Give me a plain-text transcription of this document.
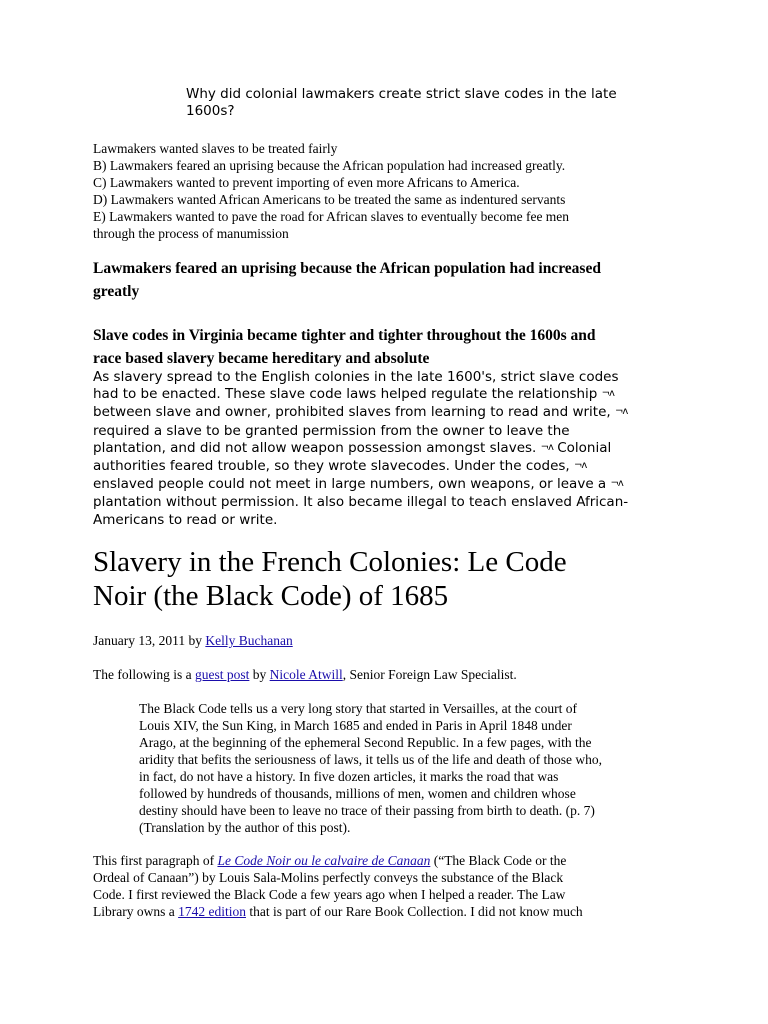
Why did colonial lawmakers create strict slave codes in the late
1600s?
Lawmakers wanted slaves to be treated fairly
B) Lawmakers feared an uprising because the African population had increased greatly.
C) Lawmakers wanted to prevent importing of even more Africans to America.
D) Lawmakers wanted African Americans to be treated the same as indentured servants
E) Lawmakers wanted to pave the road for African slaves to eventually become fee men
through the process of manumission
Lawmakers feared an uprising because the African population had increased
greatly
Slave codes in Virginia became tighter and tighter throughout the 1600s and
race based slavery became hereditary and absolute
As slavery spread to the English colonies in the late 1600's, strict slave codes
had to be enacted. These slave code laws helped regulate the relationship ¬ʌ
between slave and owner, prohibited slaves from learning to read and write, ¬ʌ
required a slave to be granted permission from the owner to leave the
plantation, and did not allow weapon possession amongst slaves. ¬ʌ Colonial
authorities feared trouble, so they wrote slavecodes. Under the codes, ¬ʌ
enslaved people could not meet in large numbers, own weapons, or leave a ¬ʌ
plantation without permission. It also became illegal to teach enslaved African-
Americans to read or write.
Slavery in the French Colonies: Le Code
Noir (the Black Code) of 1685
January 13, 2011 by Kelly Buchanan
The following is a guest post by Nicole Atwill, Senior Foreign Law Specialist.
The Black Code tells us a very long story that started in Versailles, at the court of
Louis XIV, the Sun King, in March 1685 and ended in Paris in April 1848 under
Arago, at the beginning of the ephemeral Second Republic. In a few pages, with the
aridity that befits the seriousness of laws, it tells us of the life and death of those who,
in fact, do not have a history. In five dozen articles, it marks the road that was
followed by hundreds of thousands, millions of men, women and children whose
destiny should have been to leave no trace of their passing from birth to death. (p. 7)
(Translation by the author of this post).
This first paragraph of Le Code Noir ou le calvaire de Canaan (“The Black Code or the
Ordeal of Canaan”) by Louis Sala-Molins perfectly conveys the substance of the Black
Code. I first reviewed the Black Code a few years ago when I helped a reader. The Law
Library owns a 1742 edition that is part of our Rare Book Collection. I did not know much
